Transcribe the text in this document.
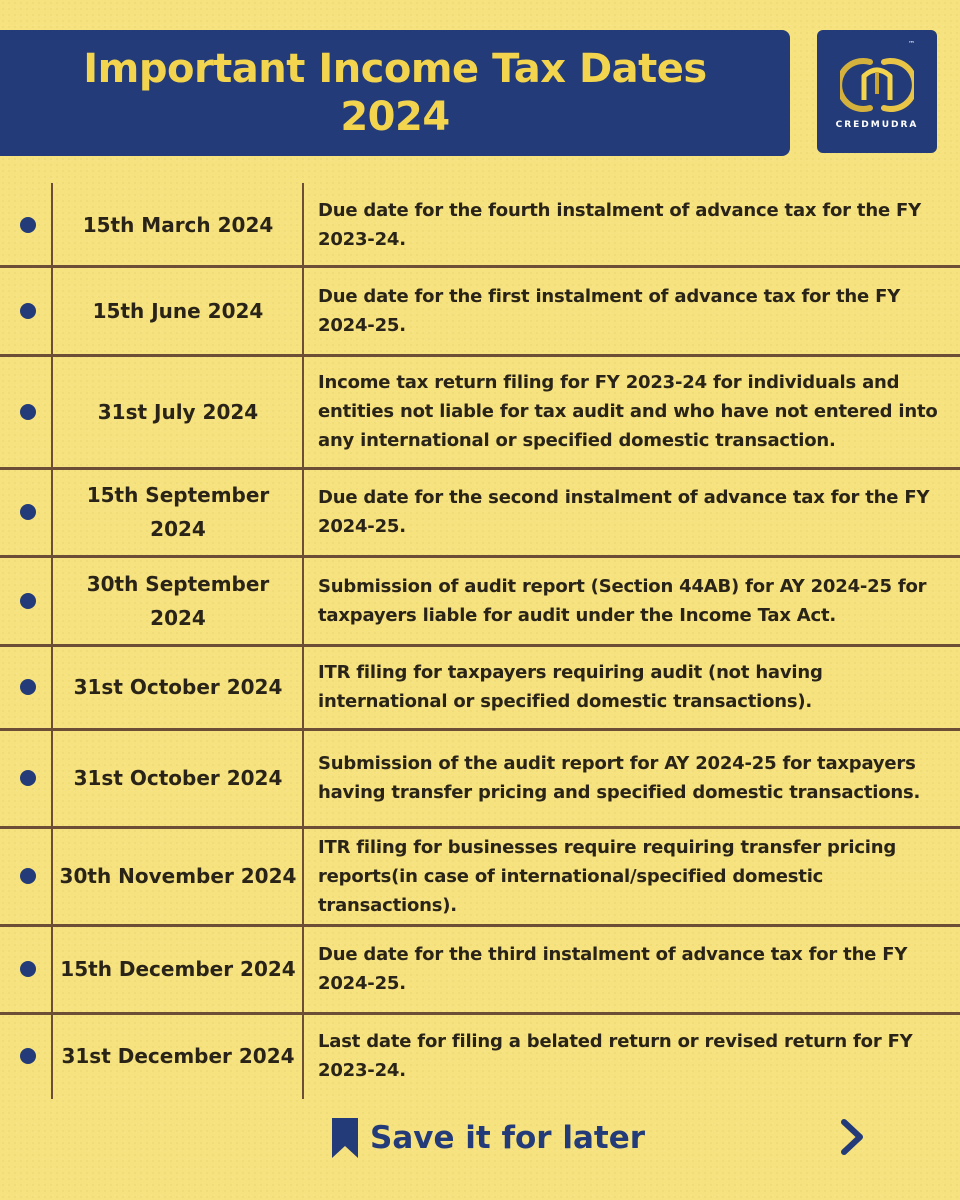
Important Income Tax Dates
2024
™
CREDMUDRA
15th March 2024
Due date for the fourth instalment of advance tax for the FY 2023-24.
15th June 2024
Due date for the first instalment of advance tax for the FY 2024-25.
31st July 2024
Income tax return filing for FY 2023-24 for individuals and entities not liable for tax audit and who have not entered into any international or specified domestic transaction.
15th September 2024
Due date for the second instalment of advance tax for the FY 2024-25.
30th September 2024
Submission of audit report (Section 44AB) for AY 2024-25 for taxpayers liable for audit under the Income Tax Act.
31st October 2024
ITR filing for taxpayers requiring audit (not having international or specified domestic transactions).
31st October 2024
Submission of the audit report for AY 2024-25 for taxpayers having transfer pricing and specified domestic transactions.
30th November 2024
ITR filing for businesses require requiring transfer pricing reports(in case of international/specified domestic transactions).
15th December 2024
Due date for the third instalment of advance tax for the FY 2024-25.
31st December 2024
Last date for filing a belated return or revised return for FY 2023-24.
Save it for later
